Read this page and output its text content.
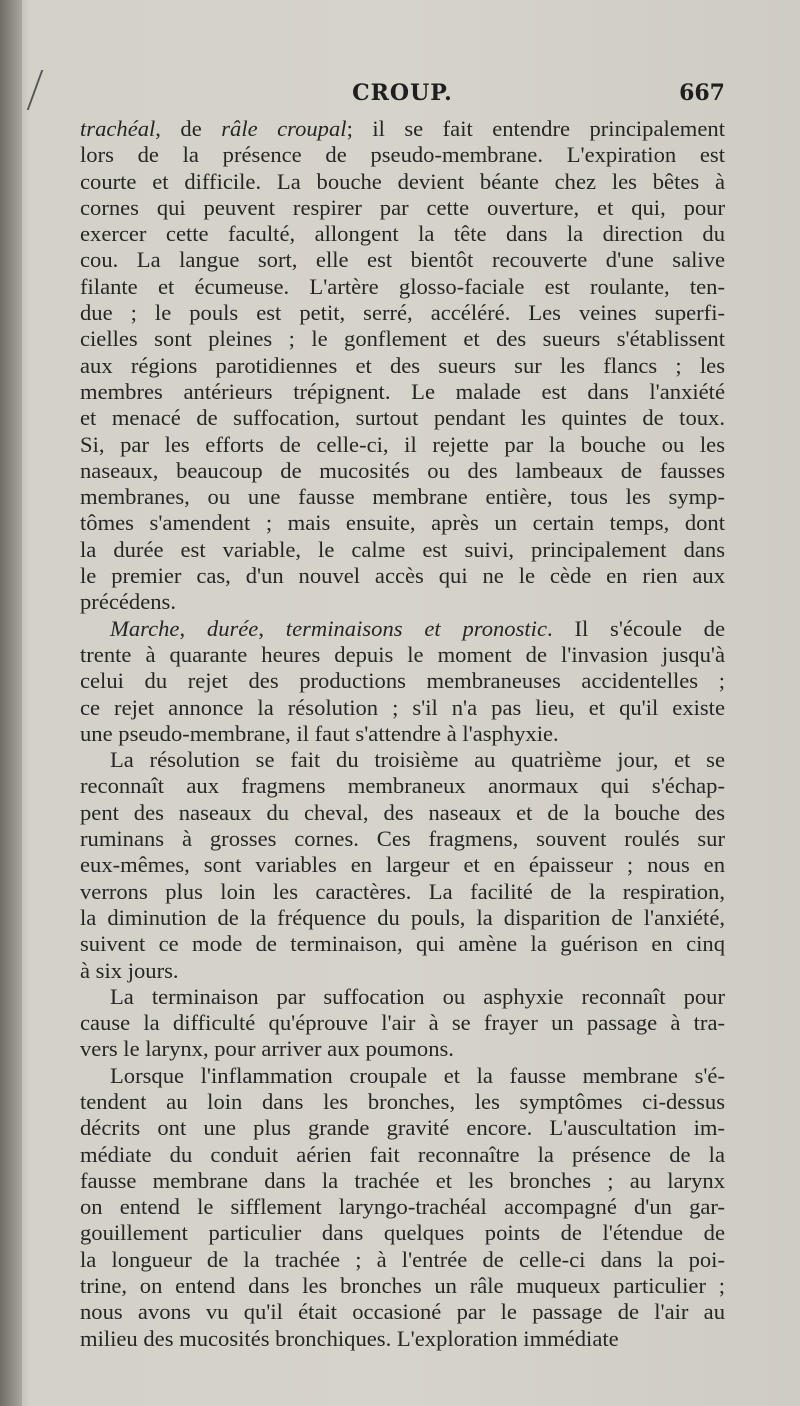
CROUP.	667
trachéal, de râle croupal; il se fait entendre principalement
lors de la présence de pseudo-membrane. L'expiration est
courte et difficile. La bouche devient béante chez les bêtes à
cornes qui peuvent respirer par cette ouverture, et qui, pour
exercer cette faculté, allongent la tête dans la direction du
cou. La langue sort, elle est bientôt recouverte d'une salive
filante et écumeuse. L'artère glosso-faciale est roulante, ten-
due ; le pouls est petit, serré, accéléré. Les veines superfi-
cielles sont pleines ; le gonflement et des sueurs s'établissent
aux régions parotidiennes et des sueurs sur les flancs ; les
membres antérieurs trépignent. Le malade est dans l'anxiété
et menacé de suffocation, surtout pendant les quintes de toux.
Si, par les efforts de celle-ci, il rejette par la bouche ou les
naseaux, beaucoup de mucosités ou des lambeaux de fausses
membranes, ou une fausse membrane entière, tous les symp-
tômes s'amendent ; mais ensuite, après un certain temps, dont
la durée est variable, le calme est suivi, principalement dans
le premier cas, d'un nouvel accès qui ne le cède en rien aux
précédens.
Marche, durée, terminaisons et pronostic. Il s'écoule de
trente à quarante heures depuis le moment de l'invasion jusqu'à
celui du rejet des productions membraneuses accidentelles ;
ce rejet annonce la résolution ; s'il n'a pas lieu, et qu'il existe
une pseudo-membrane, il faut s'attendre à l'asphyxie.
La résolution se fait du troisième au quatrième jour, et se
reconnaît aux fragmens membraneux anormaux qui s'échap-
pent des naseaux du cheval, des naseaux et de la bouche des
ruminans à grosses cornes. Ces fragmens, souvent roulés sur
eux-mêmes, sont variables en largeur et en épaisseur ; nous en
verrons plus loin les caractères. La facilité de la respiration,
la diminution de la fréquence du pouls, la disparition de l'anxiété,
suivent ce mode de terminaison, qui amène la guérison en cinq
à six jours.
La terminaison par suffocation ou asphyxie reconnaît pour
cause la difficulté qu'éprouve l'air à se frayer un passage à tra-
vers le larynx, pour arriver aux poumons.
Lorsque l'inflammation croupale et la fausse membrane s'é-
tendent au loin dans les bronches, les symptômes ci-dessus
décrits ont une plus grande gravité encore. L'auscultation im-
médiate du conduit aérien fait reconnaître la présence de la
fausse membrane dans la trachée et les bronches ; au larynx
on entend le sifflement laryngo-trachéal accompagné d'un gar-
gouillement particulier dans quelques points de l'étendue de
la longueur de la trachée ; à l'entrée de celle-ci dans la poi-
trine, on entend dans les bronches un râle muqueux particulier ;
nous avons vu qu'il était occasioné par le passage de l'air au
milieu des mucosités bronchiques. L'exploration immédiate
